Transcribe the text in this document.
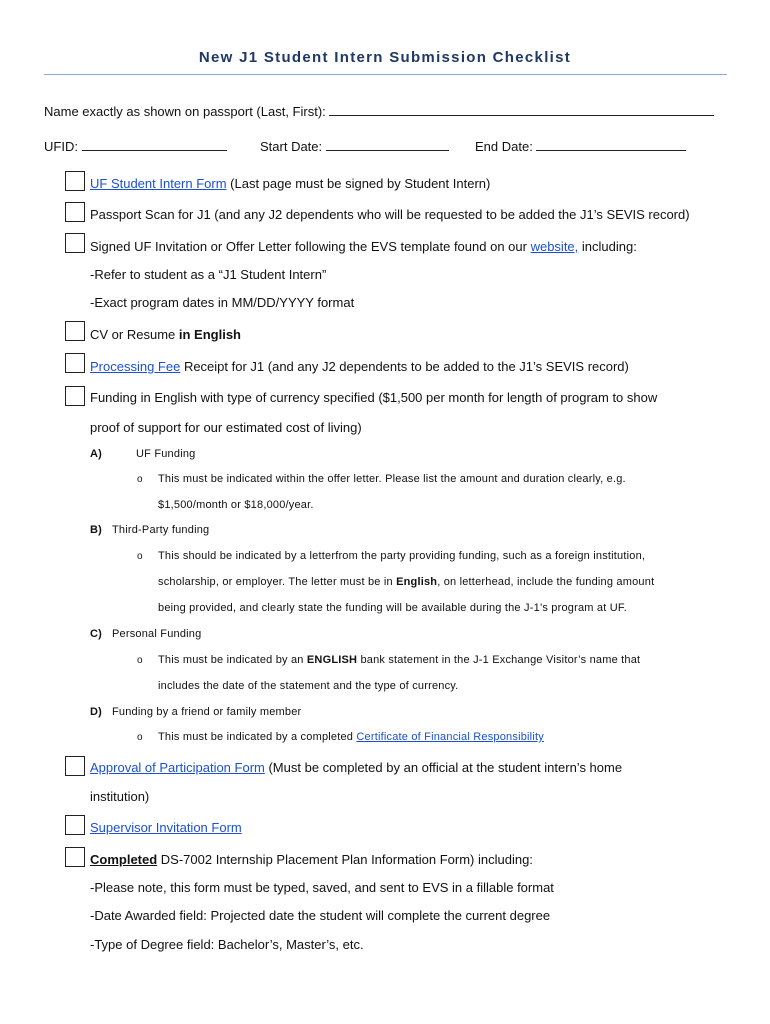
New J1 Student Intern Submission Checklist
Name exactly as shown on passport (Last, First):
UFID:	Start Date:	End Date:
UF Student Intern Form (Last page must be signed by Student Intern)
Passport Scan for J1 (and any J2 dependents who will be requested to be added the J1’s SEVIS record)
Signed UF Invitation or Offer Letter following the EVS template found on our website, including:
-Refer to student as a “J1 Student Intern”
-Exact program dates in MM/DD/YYYY format
CV or Resume in English
Processing Fee Receipt for J1 (and any J2 dependents to be added to the J1’s SEVIS record)
Funding in English with type of currency specified ($1,500 per month for length of program to show
proof of support for our estimated cost of living)
A)	UF Funding
o This must be indicated within the offer letter. Please list the amount and duration clearly, e.g.
$1,500/month or $18,000/year.
B) Third-Party funding
o This should be indicated by a letterfrom the party providing funding, such as a foreign institution,
scholarship, or employer. The letter must be in English, on letterhead, include the funding amount
being provided, and clearly state the funding will be available during the J-1’s program at UF.
C) Personal Funding
o This must be indicated by an ENGLISH bank statement in the J-1 Exchange Visitor’s name that
includes the date of the statement and the type of currency.
D) Funding by a friend or family member
o This must be indicated by a completed Certificate of Financial Responsibility
Approval of Participation Form (Must be completed by an official at the student intern’s home
institution)
Supervisor Invitation Form
Completed DS-7002 Internship Placement Plan Information Form) including:
-Please note, this form must be typed, saved, and sent to EVS in a fillable format
-Date Awarded field: Projected date the student will complete the current degree
-Type of Degree field: Bachelor’s, Master’s, etc.
